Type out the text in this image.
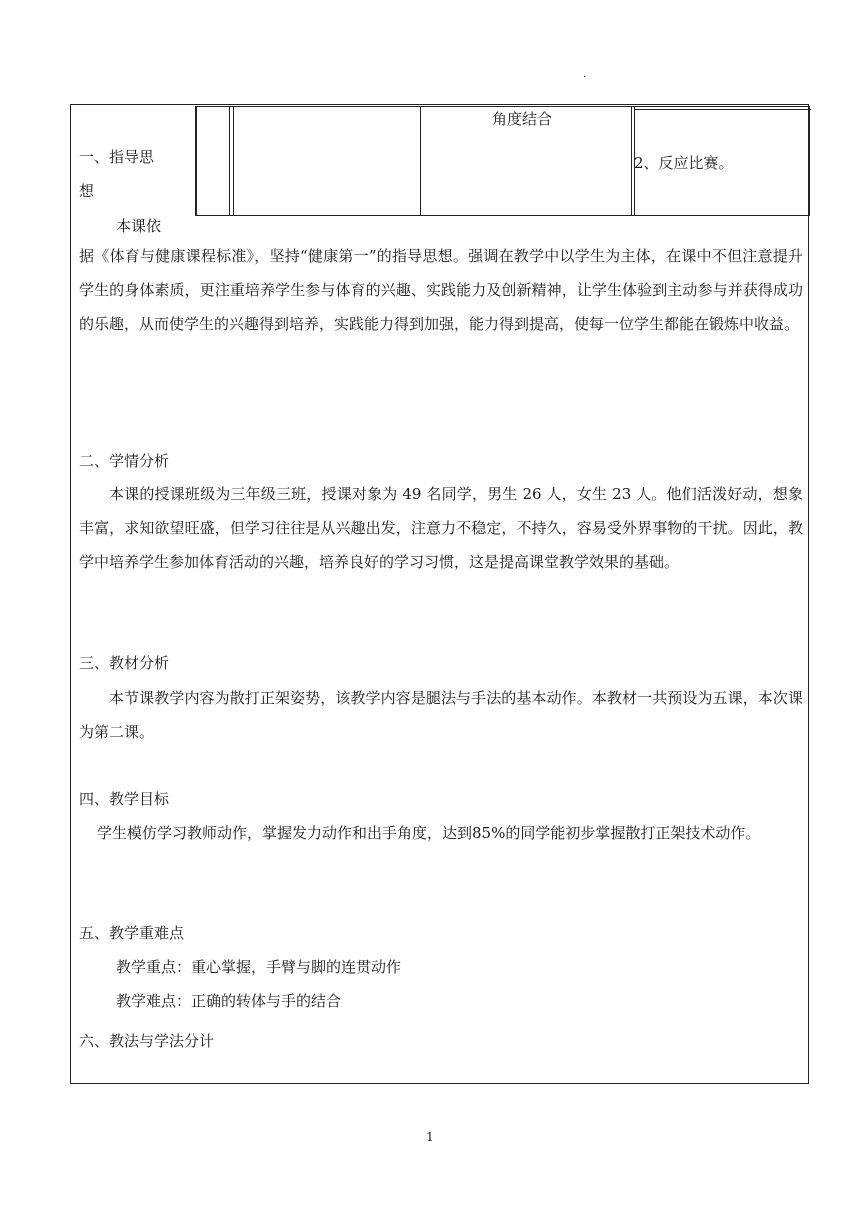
.
角度结合
2、反应比赛。
一、指导思
想
本课依

据《体育与健康课程标准》，坚持“健康第一”的指导思想。强调在教学中以学生为主体，在课中不但注意提升学生的身体素质，更注重培养学生参与体育的兴趣、实践能力及创新精神，让学生体验到主动参与并获得成功的乐趣，从而使学生的兴趣得到培养，实践能力得到加强，能力得到提高，使每一位学生都能在锻炼中收益。

二、学情分析

本课的授课班级为三年级三班，授课对象为 49 名同学，男生 26 人，女生 23 人。他们活泼好动，想象丰富，求知欲望旺盛，但学习往往是从兴趣出发，注意力不稳定，不持久，容易受外界事物的干扰。因此，教学中培养学生参加体育活动的兴趣，培养良好的学习习惯，这是提高课堂教学效果的基础。

三、教材分析

本节课教学内容为散打正架姿势，该教学内容是腿法与手法的基本动作。本教材一共预设为五课，本次课为第二课。

四、教学目标

学生模仿学习教师动作，掌握发力动作和出手角度，达到85%的同学能初步掌握散打正架技术动作。

五、教学重难点
教学重点：重心掌握，手臂与脚的连贯动作
教学难点：正确的转体与手的结合
六、教法与学法分计
1
